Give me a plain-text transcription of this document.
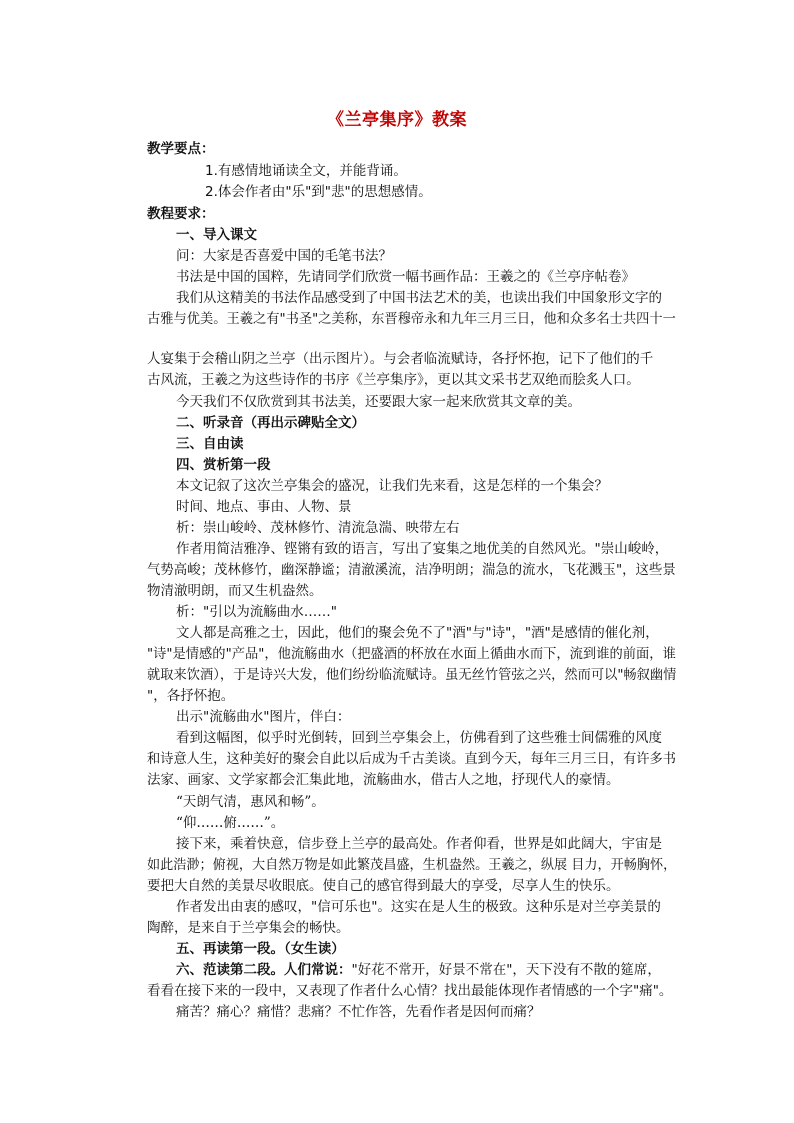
《兰亭集序》教案
教学要点：
1.有感情地诵读全文，并能背诵。
2.体会作者由"乐"到"悲"的思想感情。
教程要求：
一、导入课文
问：大家是否喜爱中国的毛笔书法？
书法是中国的国粹，先请同学们欣赏一幅书画作品：王羲之的《兰亭序帖卷》
我们从这精美的书法作品感受到了中国书法艺术的美，也读出我们中国象形文字的
古雅与优美。王羲之有"书圣"之美称，东晋穆帝永和九年三月三日，他和众多名士共四十一
人宴集于会稽山阴之兰亭（出示图片）。与会者临流赋诗，各抒怀抱，记下了他们的千
古风流，王羲之为这些诗作的书序《兰亭集序》，更以其文采书艺双绝而脍炙人口。
今天我们不仅欣赏到其书法美，还要跟大家一起来欣赏其文章的美。
二、听录音（再出示碑贴全文）
三、自由读
四、赏析第一段
本文记叙了这次兰亭集会的盛况，让我们先来看，这是怎样的一个集会？
时间、地点、事由、人物、景
析：崇山峻岭、茂林修竹、清流急湍、映带左右
作者用简洁雅净、铿锵有致的语言，写出了宴集之地优美的自然风光。"崇山峻岭，
气势高峻；茂林修竹，幽深静谧；清澈溪流，洁净明朗；湍急的流水，飞花溅玉"，这些景
物清澈明朗，而又生机盎然。
析："引以为流觞曲水……"
文人都是高雅之士，因此，他们的聚会免不了"酒"与"诗"，"酒"是感情的催化剂，
"诗"是情感的"产品"，他流觞曲水（把盛酒的杯放在水面上循曲水而下，流到谁的前面，谁
就取来饮酒），于是诗兴大发，他们纷纷临流赋诗。虽无丝竹管弦之兴，然而可以"畅叙幽情
"，各抒怀抱。
出示"流觞曲水"图片，伴白：
看到这幅图，似乎时光倒转，回到兰亭集会上，仿佛看到了这些雅士间儒雅的风度
和诗意人生，这种美好的聚会自此以后成为千古美谈。直到今天，每年三月三日，有许多书
法家、画家、文学家都会汇集此地，流觞曲水，借古人之地，抒现代人的豪情。
“天朗气清，惠风和畅”。
“仰……俯……”。
接下来，乘着快意，信步登上兰亭的最高处。作者仰看，世界是如此阔大，宇宙是
如此浩渺；俯视，大自然万物是如此繁茂昌盛，生机盎然。王羲之，纵展 目力，开畅胸怀，
要把大自然的美景尽收眼底。使自己的感官得到最大的享受，尽享人生的快乐。
作者发出由衷的感叹，"信可乐也"。这实在是人生的极致。这种乐是对兰亭美景的
陶醉，是来自于兰亭集会的畅快。
五、再读第一段。（女生读）
六、范读第二段。人们常说："好花不常开，好景不常在"，天下没有不散的筵席，
看看在接下来的一段中，又表现了作者什么心情？找出最能体现作者情感的一个字"痛"。
痛苦？痛心？痛惜？悲痛？不忙作答，先看作者是因何而痛？
